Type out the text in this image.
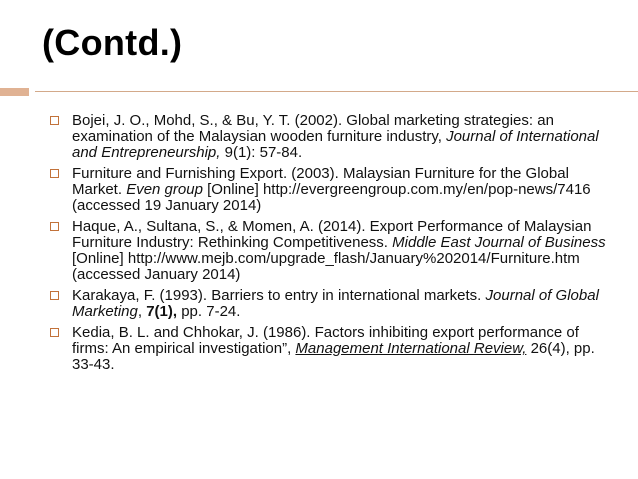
(Contd.)
Bojei, J. O., Mohd, S., & Bu, Y. T. (2002). Global marketing strategies: an examination of the Malaysian wooden furniture industry, Journal of International and Entrepreneurship, 9(1): 57-84.
Furniture and Furnishing Export. (2003). Malaysian Furniture for the Global Market. Even group [Online] http://evergreengroup.com.my/en/pop-news/7416 (accessed 19 January 2014)
Haque, A., Sultana, S., & Momen, A. (2014). Export Performance of Malaysian Furniture Industry: Rethinking Competitiveness. Middle East Journal of Business [Online] http://www.mejb.com/upgrade_flash/January%202014/Furniture.htm (accessed January 2014)
Karakaya, F. (1993). Barriers to entry in international markets. Journal of Global Marketing, 7(1), pp. 7-24.
Kedia, B. L. and Chhokar, J. (1986). Factors inhibiting export performance of firms: An empirical investigation”, Management International Review, 26(4), pp. 33-43.
